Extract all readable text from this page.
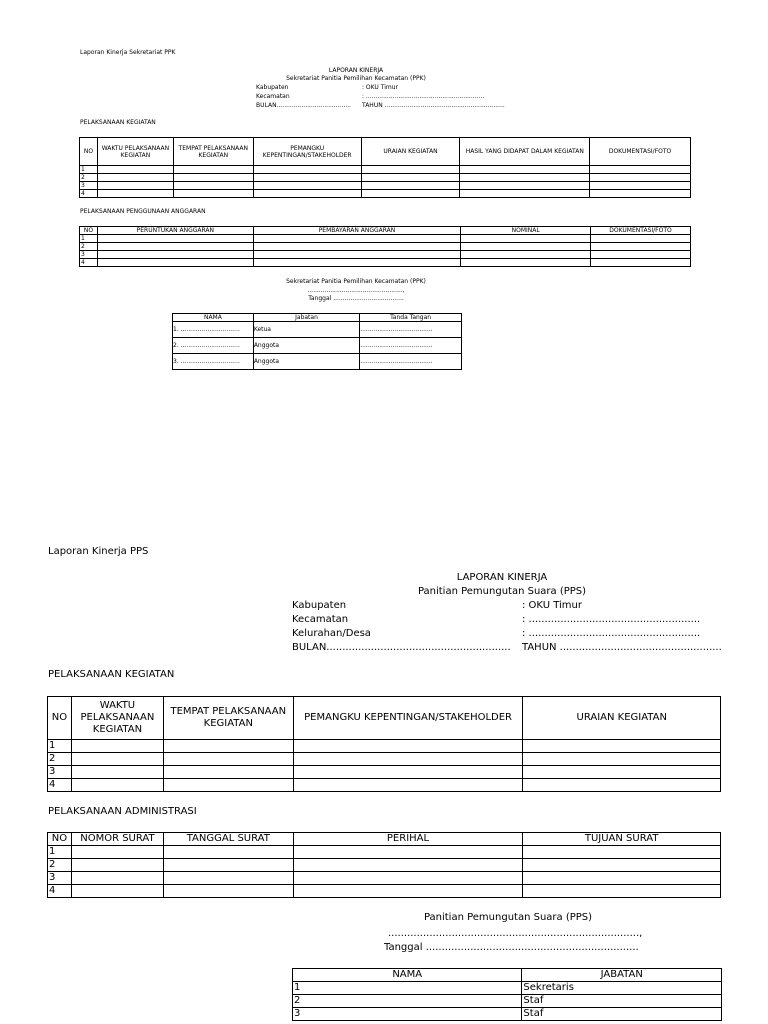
Laporan Kinerja Sekretariat PPK
LAPORAN KINERJA
Sekretariat Panitia Pemilihan Kecamatan (PPK)
Kabupaten	: OKU Timur
Kecamatan	: ..............................................................
BULAN....................................... TAHUN ...............................................................
PELAKSANAAN KEGIATAN
NO	WAKTU PELAKSANAAN KEGIATAN	TEMPAT PELAKSANAAN KEGIATAN	PEMANGKU KEPENTINGAN/STAKEHOLDER	URAIAN KEGIATAN	HASIL YANG DIDAPAT DALAM KEGIATAN	DOKUMENTASI/FOTO
1						
2						
3						
4						
PELAKSANAAN PENGGUNAAN ANGGARAN
NO	PERUNTUKAN ANGGARAN	PEMBAYARAN ANGGARAN	NOMINAL	DOKUMENTASI/FOTO
1				
2				
3				
4				
Sekretariat Panitia Pemilihan Kecamatan (PPK)
..................................................,
Tanggal .....................................
NAMA	Jabatan	Tanda Tangan
1. ...............................	Ketua	......................................
2. ...............................	Anggota	......................................
3. ...............................	Anggota	......................................
Laporan Kinerja PPS
LAPORAN KINERJA
Panitian Pemungutan Suara (PPS)
Kabupaten	: OKU Timur
Kecamatan	: ......................................................
Kelurahan/Desa	: ......................................................
BULAN.......................................................... TAHUN ...................................................
PELAKSANAAN KEGIATAN
NO	WAKTU PELAKSANAAN KEGIATAN	TEMPAT PELAKSANAAN KEGIATAN	PEMANGKU KEPENTINGAN/STAKEHOLDER	URAIAN KEGIATAN
1				
2				
3				
4				
PELAKSANAAN ADMINISTRASI
NO	NOMOR SURAT	TANGGAL SURAT	PERIHAL	TUJUAN SURAT
1				
2				
3				
4				
Panitian Pemungutan Suara (PPS)
...............................................................................,
Tanggal ...................................................................
NAMA	JABATAN
1	Sekretaris
2	Staf
3	Staf
